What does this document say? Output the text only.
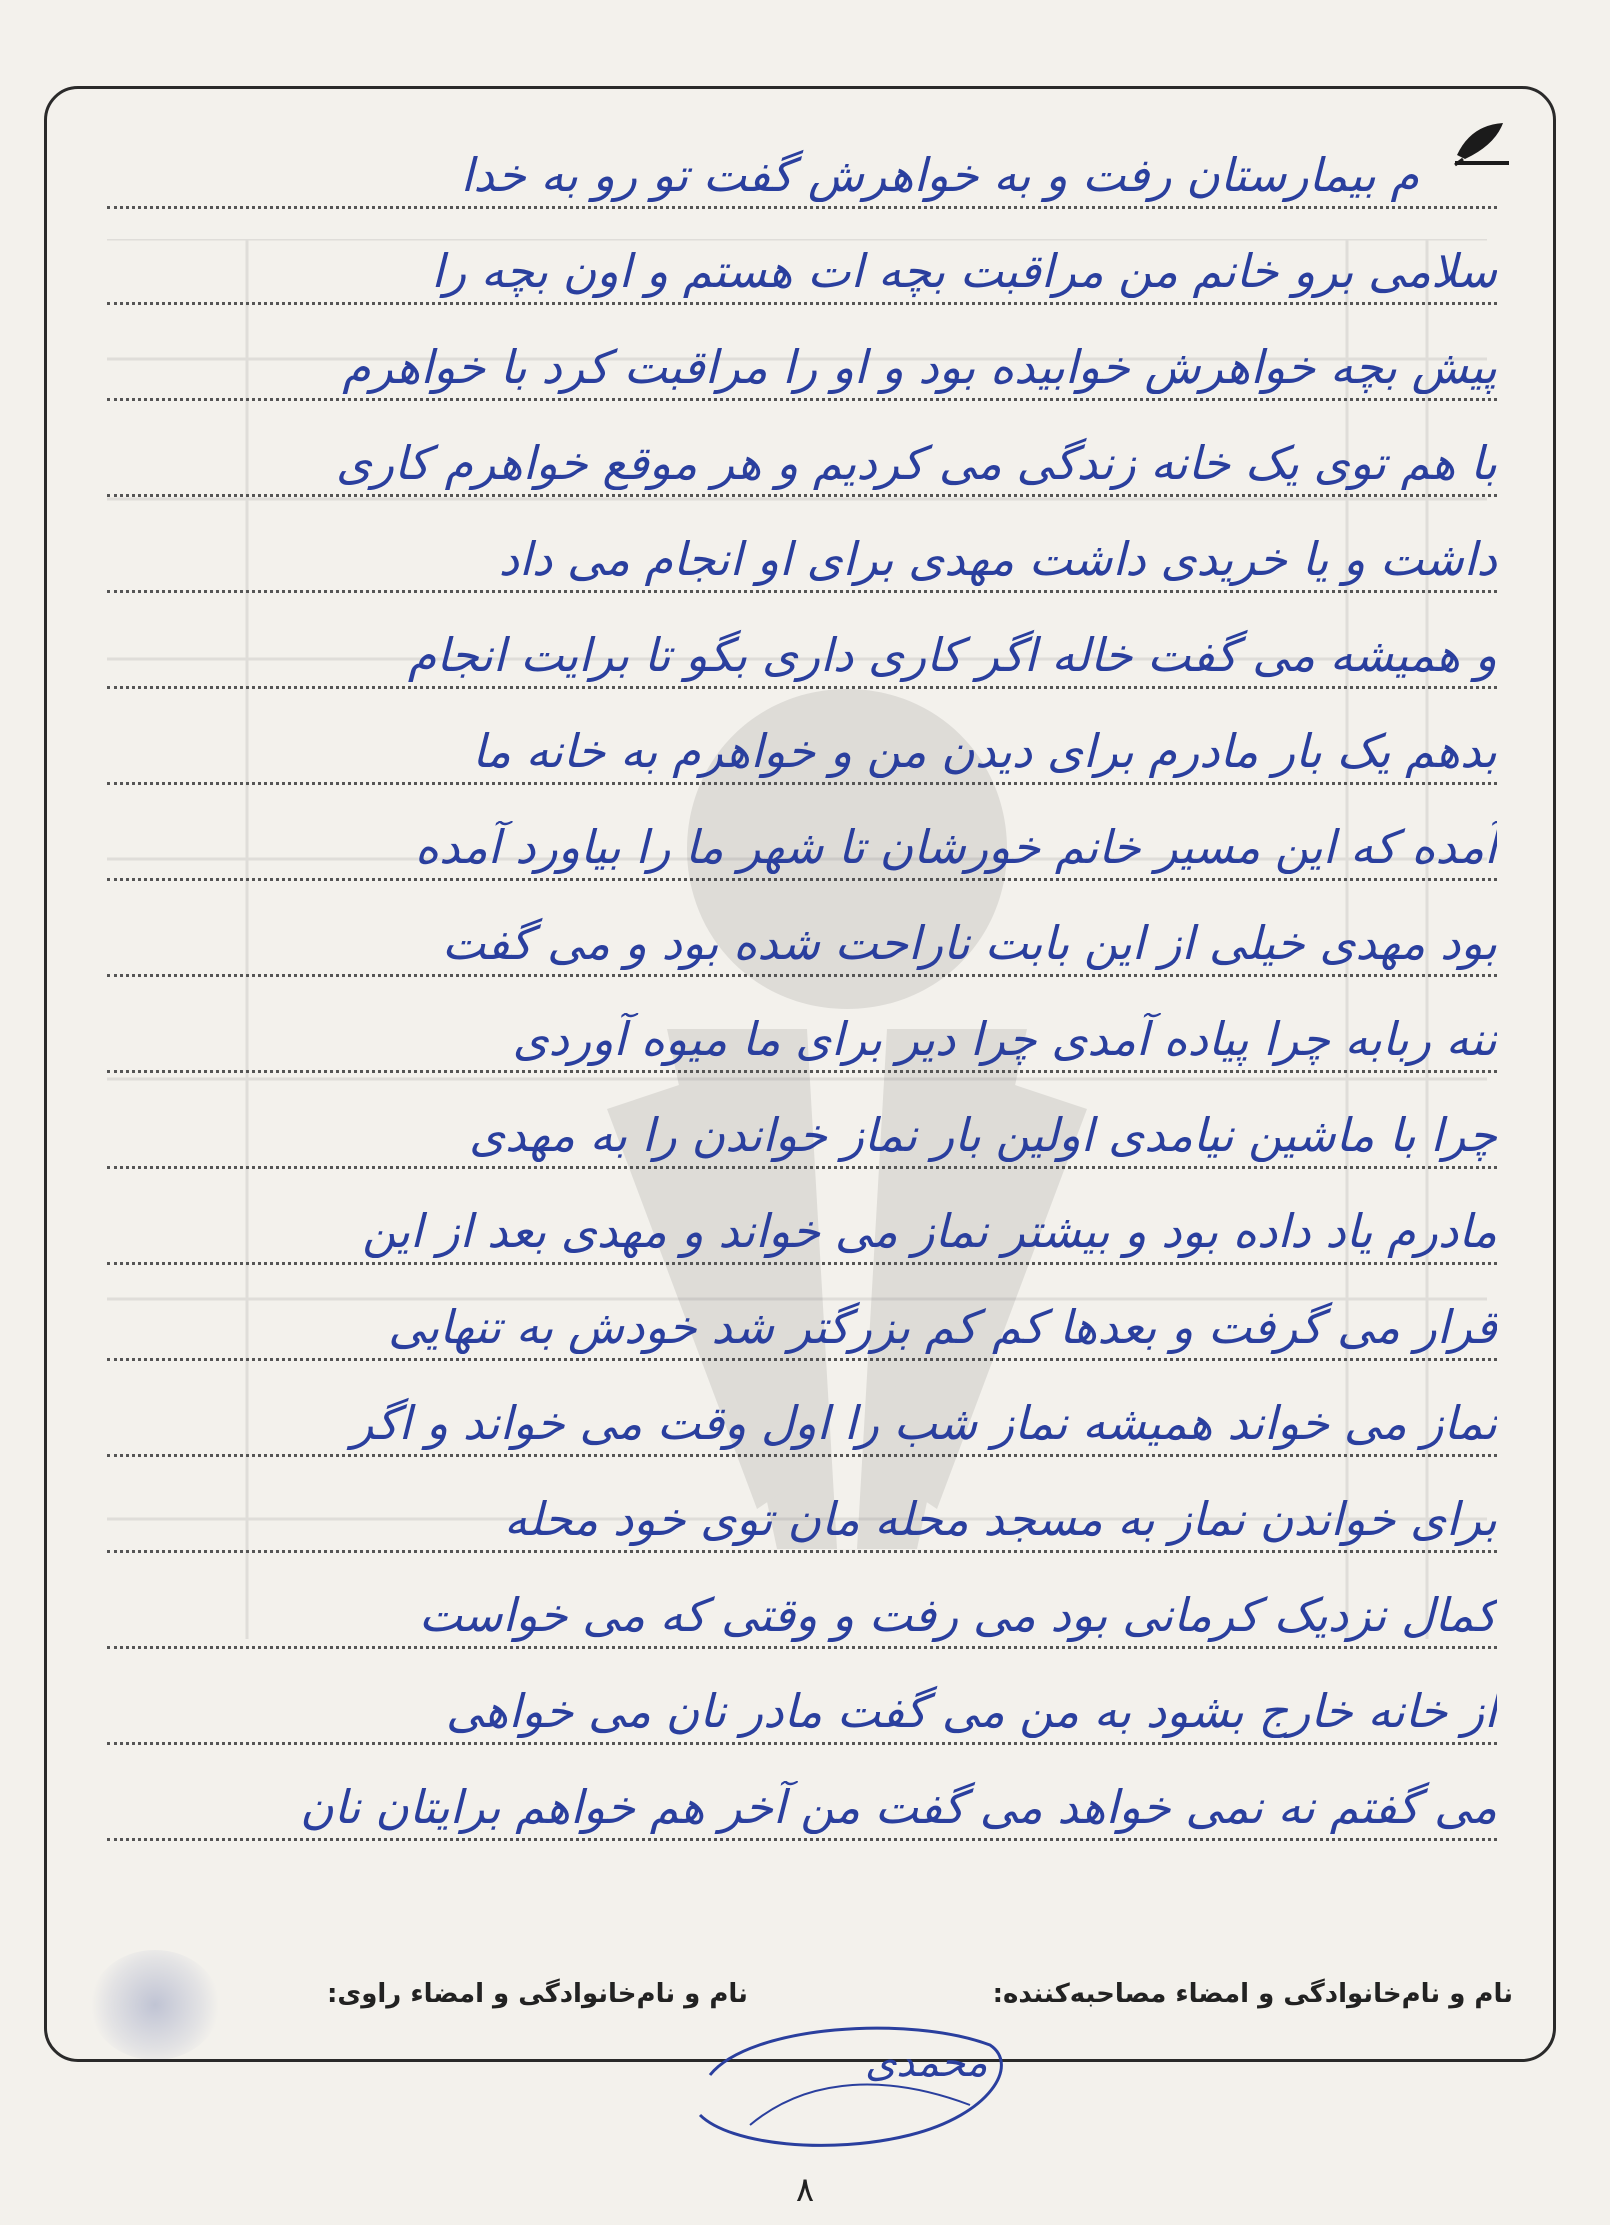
م بیمارستان رفت و به خواهرش گفت تو رو به خدا
سلامی برو خانم من مراقبت بچه ات هستم و اون بچه را
پیش بچه خواهرش خوابیده بود و او را مراقبت کرد با خواهرم
با هم توی یک خانه زندگی می کردیم و هر موقع خواهرم کاری
داشت و یا خریدی داشت مهدی برای او انجام می داد
و همیشه می گفت خاله اگر کاری داری بگو تا برایت انجام
بدهم یک بار مادرم برای دیدن من و خواهرم به خانه ما
آمده که این مسیر خانم خورشان تا شهر ما را بیاورد آمده
بود مهدی خیلی از این بابت ناراحت شده بود و می گفت
ننه ربابه چرا پیاده آمدی چرا دیر برای ما میوه آوردی
چرا با ماشین نیامدی اولین بار نماز خواندن را به مهدی
مادرم یاد داده بود و بیشتر نماز می خواند و مهدی بعد از این
قرار می گرفت و بعدها کم کم بزرگتر شد خودش به تنهایی
نماز می خواند همیشه نماز شب را اول وقت می خواند و اگر
برای خواندن نماز به مسجد محله مان توی خود محله
کمال نزدیک کرمانی بود می رفت و وقتی که می خواست
از خانه خارج بشود به من می گفت مادر نان می خواهی
می گفتم نه نمی خواهد می گفت من آخر هم خواهم برایتان نان
نام و نام‌خانوادگی و امضاء مصاحبه‌کننده:
نام و نام‌خانوادگی و امضاء راوی:
محمدی
۸
